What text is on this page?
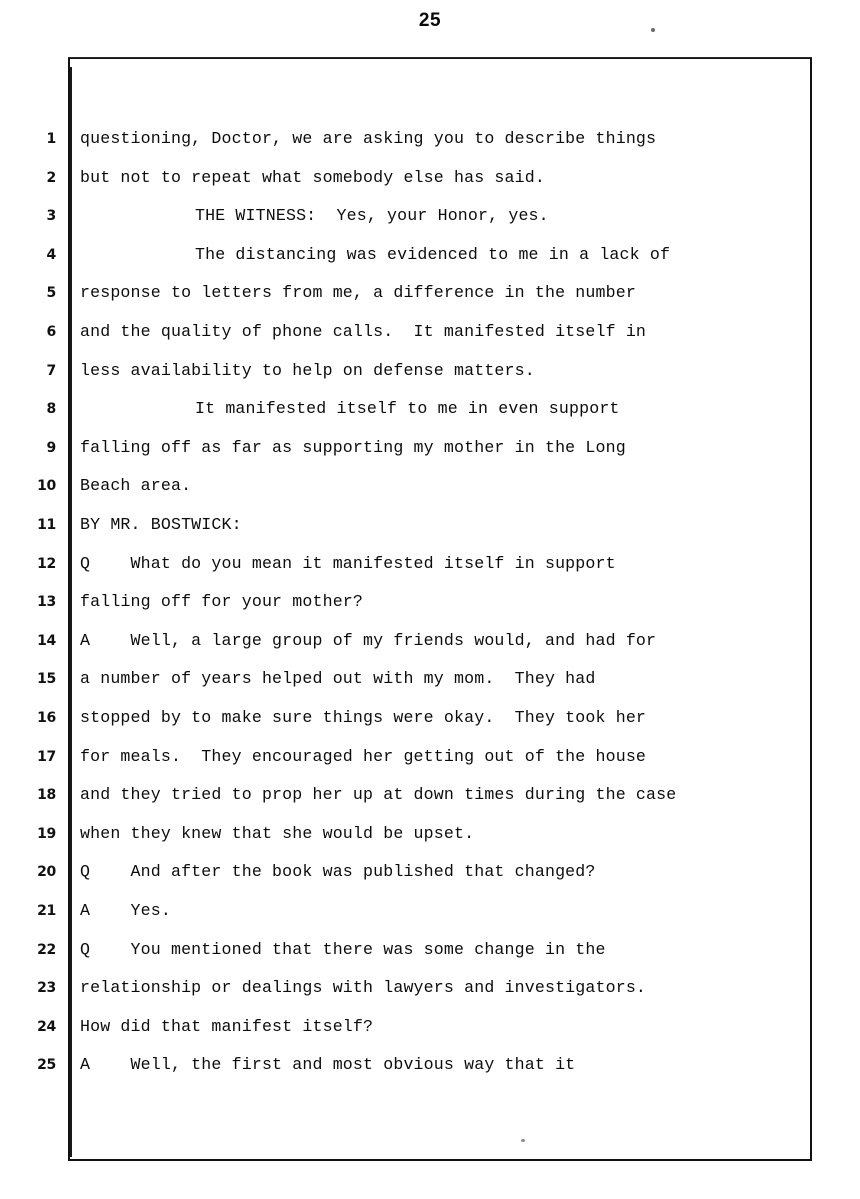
25
1
2
3
4
5
6
7
8
9
10
11
12
13
14
15
16
17
18
19
20
21
22
23
24
25
questioning, Doctor, we are asking you to describe things
but not to repeat what somebody else has said.
THE WITNESS:  Yes, your Honor, yes.
The distancing was evidenced to me in a lack of
response to letters from me, a difference in the number
and the quality of phone calls.  It manifested itself in
less availability to help on defense matters.
It manifested itself to me in even support
falling off as far as supporting my mother in the Long
Beach area.
BY MR. BOSTWICK:
Q    What do you mean it manifested itself in support
falling off for your mother?
A    Well, a large group of my friends would, and had for
a number of years helped out with my mom.  They had
stopped by to make sure things were okay.  They took her
for meals.  They encouraged her getting out of the house
and they tried to prop her up at down times during the case
when they knew that she would be upset.
Q    And after the book was published that changed?
A    Yes.
Q    You mentioned that there was some change in the
relationship or dealings with lawyers and investigators.
How did that manifest itself?
A    Well, the first and most obvious way that it
